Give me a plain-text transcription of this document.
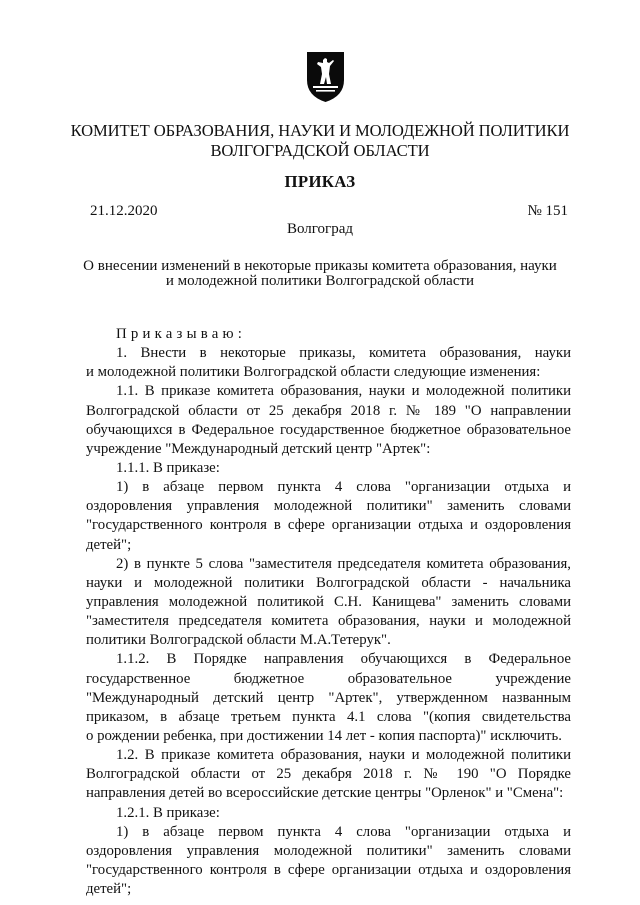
КОМИТЕТ ОБРАЗОВАНИЯ, НАУКИ И МОЛОДЕЖНОЙ ПОЛИТИКИ
ВОЛГОГРАДСКОЙ ОБЛАСТИ
ПРИКАЗ
21.12.2020	№ 151
Волгоград
О внесении изменений в некоторые приказы комитета образования, науки
и молодежной политики Волгоградской области
Приказываю:
1. Внести в некоторые приказы, комитета образования, науки
и молодежной политики Волгоградской области следующие изменения:
1.1. В приказе комитета образования, науки и молодежной политики
Волгоградской области от 25 декабря 2018 г. № 189 "О направлении
обучающихся в Федеральное государственное бюджетное образовательное
учреждение "Международный детский центр "Артек":
1.1.1. В приказе:
1) в абзаце первом пункта 4 слова "организации отдыха и
оздоровления управления молодежной политики" заменить словами
"государственного контроля в сфере организации отдыха и оздоровления
детей";
2) в пункте 5 слова "заместителя председателя комитета образования,
науки и молодежной политики Волгоградской области - начальника
управления молодежной политикой С.Н. Канищева" заменить словами
"заместителя председателя комитета образования, науки и молодежной
политики Волгоградской области М.А.Тетерук".
1.1.2. В Порядке направления обучающихся в Федеральное
государственное бюджетное образовательное учреждение
"Международный детский центр "Артек", утвержденном названным
приказом, в абзаце третьем пункта 4.1 слова "(копия свидетельства
о рождении ребенка, при достижении 14 лет - копия паспорта)" исключить.
1.2. В приказе комитета образования, науки и молодежной политики
Волгоградской области от 25 декабря 2018 г. № 190 "О Порядке
направления детей во всероссийские детские центры "Орленок" и "Смена":
1.2.1. В приказе:
1) в абзаце первом пункта 4 слова "организации отдыха и
оздоровления управления молодежной политики" заменить словами
"государственного контроля в сфере организации отдыха и оздоровления
детей";
